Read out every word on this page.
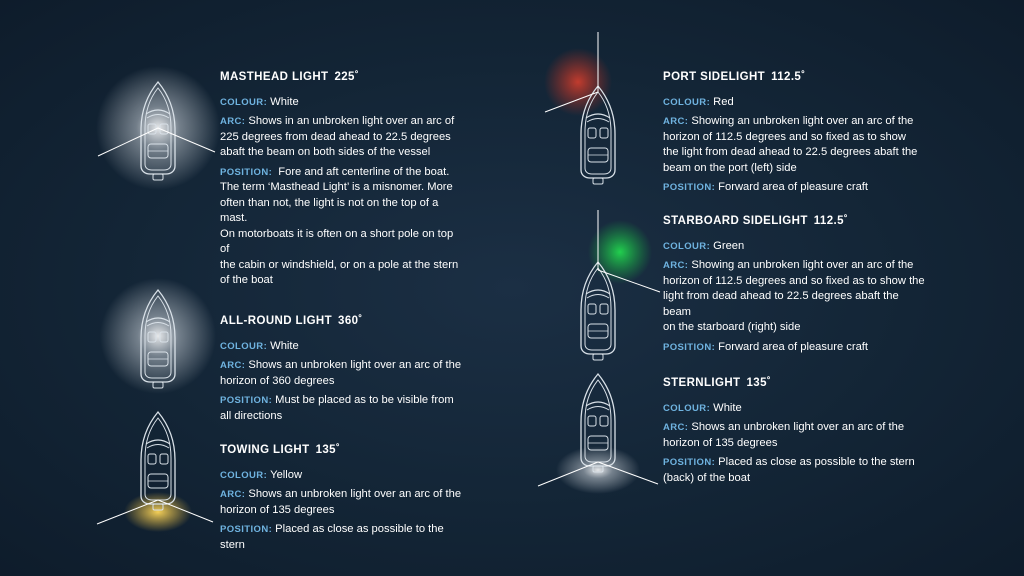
MASTHEAD LIGHT 225˚
COLOUR: White
ARC: Shows in an unbroken light over an arc of
225 degrees from dead ahead to 22.5 degrees
abaft the beam on both sides of the vessel
POSITION: Fore and aft centerline of the boat.
The term ‘Masthead Light’ is a misnomer. More
often than not, the light is not on the top of a
mast.
On motorboats it is often on a short pole on top
of
the cabin or windshield, or on a pole at the stern
of the boat
ALL-ROUND LIGHT 360˚
COLOUR: White
ARC: Shows an unbroken light over an arc of the
horizon of 360 degrees
POSITION: Must be placed as to be visible from
all directions
TOWING LIGHT 135˚
COLOUR: Yellow
ARC: Shows an unbroken light over an arc of the
horizon of 135 degrees
POSITION: Placed as close as possible to the
stern
PORT SIDELIGHT 112.5˚
COLOUR: Red
ARC: Showing an unbroken light over an arc of the
horizon of 112.5 degrees and so fixed as to show
the light from dead ahead to 22.5 degrees abaft the
beam on the port (left) side
POSITION: Forward area of pleasure craft
STARBOARD SIDELIGHT 112.5˚
COLOUR: Green
ARC: Showing an unbroken light over an arc of the
horizon of 112.5 degrees and so fixed as to show the
light from dead ahead to 22.5 degrees abaft the
beam
on the starboard (right) side
POSITION: Forward area of pleasure craft
STERNLIGHT 135˚
COLOUR: White
ARC: Shows an unbroken light over an arc of the
horizon of 135 degrees
POSITION: Placed as close as possible to the stern
(back) of the boat
